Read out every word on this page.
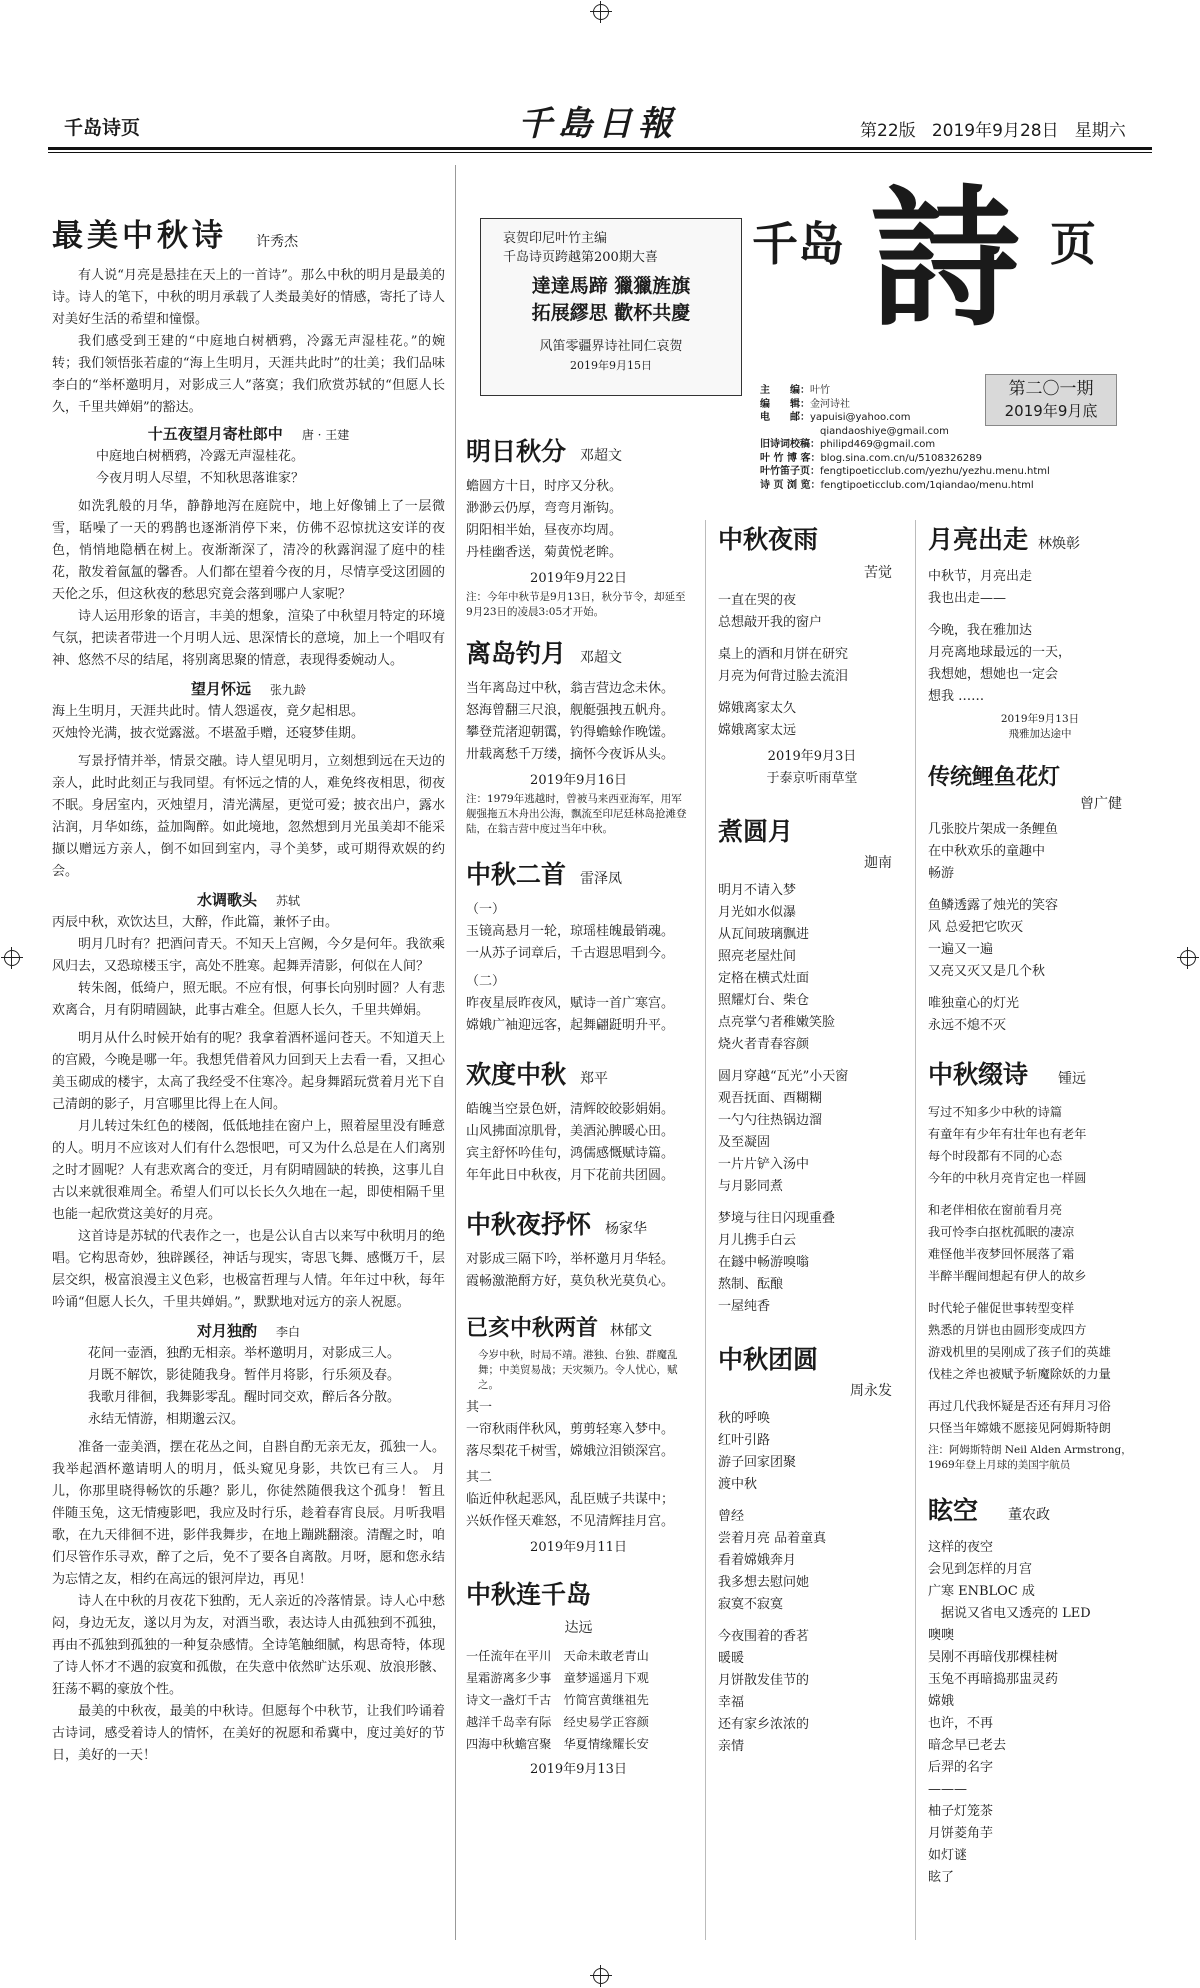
千岛诗页	千島日報	第22版 2019年9月28日 星期六
最美中秋诗 许秀杰

有人说“月亮是悬挂在天上的一首诗”。那么中秋的明月是最美的诗。诗人的笔下，中秋的明月承载了人类最美好的情感，寄托了诗人对美好生活的希望和憧憬。

我们感受到王建的“中庭地白树栖鸦，冷露无声湿桂花。”的婉转；我们领悟张若虚的“海上生明月，天涯共此时”的壮美；我们品味李白的“举杯邀明月，对影成三人”落寞；我们欣赏苏轼的“但愿人长久，千里共婵娟”的豁达。

十五夜望月寄杜郎中 唐 · 王建

中庭地白树栖鸦，冷露无声湿桂花。

今夜月明人尽望，不知秋思落谁家？

如洗乳般的月华，静静地泻在庭院中，地上好像铺上了一层微雪，聒噪了一天的鸦鹊也逐渐消停下来，仿佛不忍惊扰这安详的夜色，悄悄地隐栖在树上。夜渐渐深了，清冷的秋露润湿了庭中的桂花，散发着氤氲的馨香。人们都在望着今夜的月，尽情享受这团圆的天伦之乐，但这秋夜的愁思究竟会落到哪户人家呢？

诗人运用形象的语言，丰美的想象，渲染了中秋望月特定的环境气氛，把读者带进一个月明人远、思深情长的意境，加上一个唱叹有神、悠然不尽的结尾，将别离思聚的情意，表现得委婉动人。

望月怀远 张九龄

海上生明月，天涯共此时。情人怨遥夜，竟夕起相思。

灭烛怜光满，披衣觉露滋。不堪盈手赠，还寝梦佳期。

写景抒情并举，情景交融。诗人望见明月，立刻想到远在天边的亲人，此时此刻正与我同望。有怀远之情的人，难免终夜相思，彻夜不眠。身居室内，灭烛望月，清光满屋，更觉可爱；披衣出户，露水沾润，月华如练，益加陶醉。如此境地，忽然想到月光虽美却不能采撷以赠远方亲人，倒不如回到室内，寻个美梦，或可期得欢娱的约会。

水调歌头 苏轼

丙辰中秋，欢饮达旦，大醉，作此篇，兼怀子由。

明月几时有？把酒问青天。不知天上宫阙，今夕是何年。我欲乘风归去，又恐琼楼玉宇，高处不胜寒。起舞弄清影，何似在人间？

转朱阁，低绮户，照无眠。不应有恨，何事长向别时圆？人有悲欢离合，月有阴晴圆缺，此事古难全。但愿人长久，千里共婵娟。

明月从什么时候开始有的呢？我拿着酒杯遥问苍天。不知道天上的宫殿，今晚是哪一年。我想凭借着风力回到天上去看一看，又担心美玉砌成的楼宇，太高了我经受不住寒冷。起身舞蹈玩赏着月光下自己清朗的影子，月宫哪里比得上在人间。

月儿转过朱红色的楼阁，低低地挂在窗户上，照着屋里没有睡意的人。明月不应该对人们有什么怨恨吧，可又为什么总是在人们离别之时才圆呢？人有悲欢离合的变迁，月有阴晴圆缺的转换，这事儿自古以来就很难周全。希望人们可以长长久久地在一起，即使相隔千里也能一起欣赏这美好的月亮。

这首诗是苏轼的代表作之一，也是公认自古以来写中秋明月的绝唱。它构思奇妙，独辟蹊径，神话与现实，寄思飞舞、感慨万千，层层交织，极富浪漫主义色彩，也极富哲理与人情。年年过中秋，每年吟诵“但愿人长久，千里共婵娟。”，默默地对远方的亲人祝愿。

对月独酌 李白

花间一壶酒，独酌无相亲。举杯邀明月，对影成三人。

月既不解饮，影徒随我身。暂伴月将影，行乐须及春。

我歌月徘徊，我舞影零乱。醒时同交欢，醉后各分散。

永结无情游，相期邈云汉。

准备一壶美酒，摆在花丛之间，自斟自酌无亲无友，孤独一人。我举起酒杯邀请明人的明月，低头窥见身影，共饮已有三人。 月儿，你那里晓得畅饮的乐趣？影儿，你徒然随偎我这个孤身！ 暂且伴随玉兔，这无情瘦影吧，我应及时行乐，趁着春宵良辰。月听我唱歌，在九天徘徊不进，影伴我舞步，在地上蹦跳翻滚。清醒之时，咱们尽管作乐寻欢，醉了之后，免不了要各自离散。月呀，愿和您永结为忘情之友，相约在高远的银河岸边，再见！

诗人在中秋的月夜花下独酌，无人亲近的冷落情景。诗人心中愁闷，身边无友，遂以月为友，对酒当歌，表达诗人由孤独到不孤独，再由不孤独到孤独的一种复杂感情。全诗笔触细腻，构思奇特，体现了诗人怀才不遇的寂寞和孤傲，在失意中依然旷达乐观、放浪形骸、狂荡不羁的豪放个性。

最美的中秋夜，最美的中秋诗。但愿每个中秋节，让我们吟诵着古诗词，感受着诗人的情怀，在美好的祝愿和希冀中，度过美好的节日，美好的一天！

哀贺印尼叶竹主编
千岛诗页跨越第200期大喜
達達馬蹄 獵獵旌旗
拓展繆思 歡杯共慶
风笛零疆界诗社同仁哀贺
2019年9月15日
千岛 詩 页
第二〇一期
2019年9月底
主　　编：叶竹
编　　辑：金河诗社
电　　邮：yapuisi@yahoo.com
qiandaoshiye@gmail.com
旧诗词校稿：philipd469@gmail.com
叶 竹 博 客：blog.sina.com.cn/u/5108326289
叶竹笛子页：fengtipoeticclub.com/yezhu/yezhu.menu.html
诗 页 浏 览：fengtipoeticclub.com/1qiandao/menu.html
明日秋分 邓超文
蟾圆方十日，时序又分秋。
渺渺云仍厚，弯弯月渐钩。
阴阳相半始，昼夜亦均周。
丹桂幽香送，菊黄悦老眸。
2019年9月22日
注：今年中秋节是9月13日，秋分节令，却延至9月23日的凌晨3:05才开始。
离岛钓月 邓超文
当年离岛过中秋，翁吉营边念未休。
怒海曾翻三尺浪，舰艇强拽五帆舟。
攀登荒渚迎朝霭，钓得蟾蜍作晚馐。
卅载离愁千万缕，摘怀今夜诉从头。
2019年9月16日
注：1979年逃越时，曾被马来西亚海军，用军舰强拖五木舟出公海，飘流至印尼廷林岛抢滩登陆，在翁吉营中度过当年中秋。
中秋二首 雷泽凤
（一）
玉镜高悬月一轮，琼瑶桂魄最销魂。
一从苏子词章后，千古遐思唱到今。
（二）
昨夜星辰昨夜风，赋诗一首广寒宫。
嫦娥广袖迎远客，起舞翩跹明升平。
欢度中秋 郑平
皓魄当空景色妍，清辉皎皎影娟娟。
山风拂面凉肌骨，美酒沁脾暖心田。
宾主舒怀吟佳句，鸿儒感慨赋诗篇。
年年此日中秋夜，月下花前共团圆。
中秋夜抒怀 杨家华
对影成三隔下吟，举杯邀月月华轻。
霞畅激滟酹方好，莫负秋光莫负心。
已亥中秋两首 林郁文
今岁中秋，时局不靖。港独、台独、群魔乱舞；中美贸易战；天灾频乃。令人忧心，赋之。
其一
一帘秋雨伴秋风，剪剪轻寒入梦中。
落尽梨花千树雪，嫦娥泣泪锁深宫。
其二
临近仲秋起恶风，乱臣贼子共谋中；
兴妖作怪天难怒，不见清辉挂月宫。
2019年9月11日
中秋连千岛
达远
一任流年在平川　天命未敢老青山
星霜游离多少事　童梦遥遥月下观
诗文一盏灯千古　竹简宫黄继祖先
越洋千岛幸有际　经史易学正容颜
四海中秋蟾宫聚　华夏情缘耀长安
2019年9月13日
中秋夜雨
苦觉
一直在哭的夜
总想敲开我的窗户
桌上的酒和月饼在研究
月亮为何背过脸去流泪
嫦娥离家太久
嫦娥离家太远
2019年9月3日
于泰京听雨草堂
煮圆月
迦南
明月不请入梦
月光如水似瀑
从瓦间玻璃飘进
照亮老屋灶间
定格在横式灶面
照耀灯台、柴仓
点亮掌勺者稚嫩笑脸
烧火者青春容颜
圆月穿越“瓦光”小天窗
观吾抚面、酉糊糊
一勺勺往热锅边溜
及至凝固
一片片铲入汤中
与月影同煮
梦境与往日闪现重叠
月儿携手白云
在鐩中畅游嗅嗡
熬制、酝酿
一屋纯香
中秋团圆
周永发
秋的呼唤
红叶引路
游子回家团聚
渡中秋
曾经
尝着月亮 品着童真
看着嫦娥奔月
我多想去慰问她
寂寞不寂寞
今夜围着的香茗
暖暖
月饼散发佳节的
幸福
还有家乡浓浓的
亲情
月亮出走 林焕彰
中秋节，月亮出走
我也出走——
今晚，我在雅加达
月亮离地球最远的一天，
我想她，想她也一定会
想我 ……
2019年9月13日
飛雅加达途中
传统鲤鱼花灯
曾广健
几张胶片架成一条鲤鱼
在中秋欢乐的童趣中
畅游
鱼鳞透露了烛光的笑容
风 总爱把它吹灭
一遍又一遍
又亮又灭又是几个秋
唯独童心的灯光
永远不熄不灭
中秋缀诗 锺远
写过不知多少中秋的诗篇
有童年有少年有壮年也有老年
每个时段都有不同的心态
今年的中秋月亮肯定也一样圆
和老伴相依在窗前看月亮
我可怜李白抠枕孤眠的凄凉
难怪他半夜梦回怀展落了霜
半醉半醒间想起有伊人的故乡
时代轮子催促世事转型变样
熟悉的月饼也由圆形变成四方
游戏机里的吴刚成了孩子们的英雄
伐桂之斧也被赋予斩魔除妖的力量
再过几代我怀疑是否还有拜月习俗
只怪当年嫦娥不愿接见阿姆斯特朗
注：阿姆斯特朗 Neil Alden Armstrong，1969年登上月球的美国宇航员
眩空 董农政
这样的夜空
会见到怎样的月宫
广寒 ENBLOC 成
　据说又省电又透亮的 LED
噢噢
吴刚不再暗伐那棵桂树
玉兔不再暗捣那盅灵药
嫦娥
也许，不再
暗念早已老去
后羿的名字
———
柚子灯笼茶
月饼菱角芋
如灯谜
眩了
